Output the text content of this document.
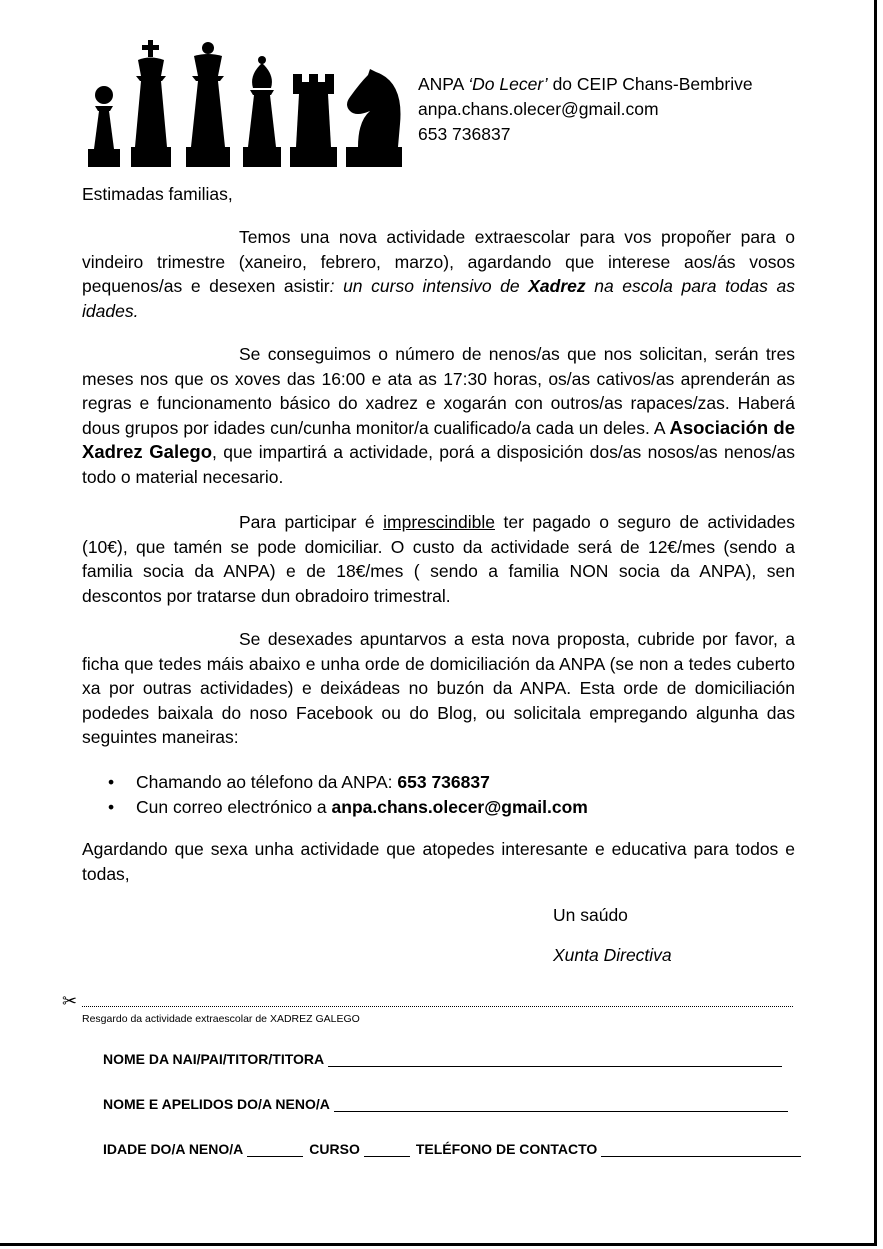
ANPA ‘Do Lecer’ do CEIP Chans-Bembrive
anpa.chans.olecer@gmail.com
653 736837
Estimadas familias,
Temos una nova actividade extraescolar para vos propoñer para o vindeiro trimestre (xaneiro, febrero, marzo), agardando que interese aos/ás vosos pequenos/as e desexen asistir: un curso intensivo de Xadrez na escola para todas as idades.
Se conseguimos o número de nenos/as que nos solicitan, serán tres meses nos que os xoves das 16:00 e ata as 17:30 horas, os/as cativos/as aprenderán as regras e funcionamento básico do xadrez e xogarán con outros/as rapaces/zas. Haberá dous grupos por idades cun/cunha monitor/a cualificado/a cada un deles. A Asociación de Xadrez Galego, que impartirá a actividade, porá a disposición dos/as nosos/as nenos/as todo o material necesario.
Para participar é imprescindible ter pagado o seguro de actividades (10€), que tamén se pode domiciliar. O custo da actividade será de 12€/mes (sendo a familia socia da ANPA) e de 18€/mes ( sendo a familia NON socia da ANPA), sen descontos por tratarse dun obradoiro trimestral.
Se desexades apuntarvos a esta nova proposta, cubride por favor, a ficha que tedes máis abaixo e unha orde de domiciliación da ANPA (se non a tedes cuberto xa por outras actividades) e deixádeas no buzón da ANPA. Esta orde de domiciliación podedes baixala do noso Facebook ou do Blog, ou solicitala empregando algunha das seguintes maneiras:
•	Chamando ao télefono da ANPA: 653 736837
•	Cun correo electrónico a anpa.chans.olecer@gmail.com
Agardando que sexa unha actividade que atopedes interesante e educativa para todos e todas,
Un saúdo
Xunta Directiva
✂
Resgardo da actividade extraescolar de XADREZ GALEGO
NOME DA NAI/PAI/TITOR/TITORA
NOME E APELIDOS DO/A NENO/A
IDADE DO/A NENO/A	CURSO	TELÉFONO DE CONTACTO
